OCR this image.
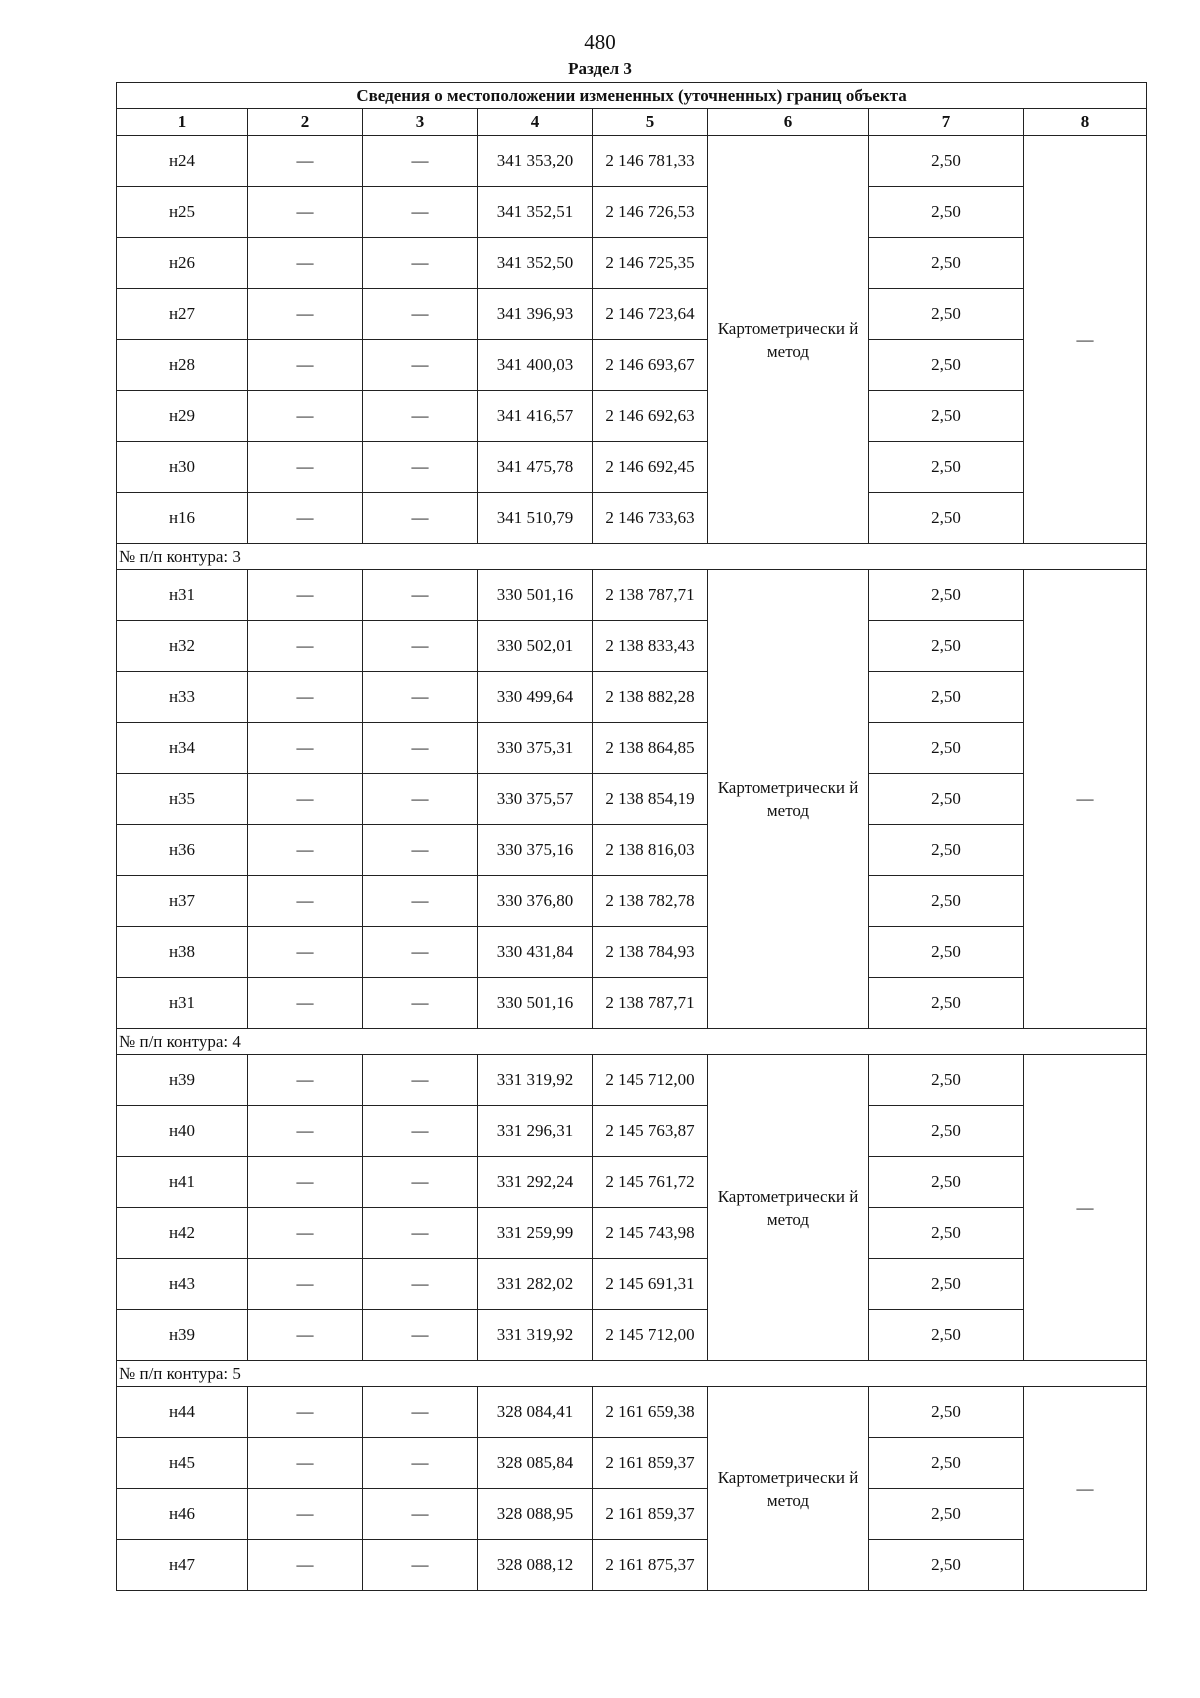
480
Раздел 3
Сведения о местоположении измененных (уточненных) границ объекта							
1	2	3	4	5	6	7	8
н24	—	—	341 353,20	2 146 781,33	Картометрически й метод	2,50	—
н25	—	—	341 352,51	2 146 726,53		2,50	
н26	—	—	341 352,50	2 146 725,35		2,50	
н27	—	—	341 396,93	2 146 723,64		2,50	
н28	—	—	341 400,03	2 146 693,67		2,50	
н29	—	—	341 416,57	2 146 692,63		2,50	
н30	—	—	341 475,78	2 146 692,45		2,50	
н16	—	—	341 510,79	2 146 733,63		2,50	
№ п/п контура: 3							
н31	—	—	330 501,16	2 138 787,71	Картометрически й метод	2,50	—
н32	—	—	330 502,01	2 138 833,43		2,50	
н33	—	—	330 499,64	2 138 882,28		2,50	
н34	—	—	330 375,31	2 138 864,85		2,50	
н35	—	—	330 375,57	2 138 854,19		2,50	
н36	—	—	330 375,16	2 138 816,03		2,50	
н37	—	—	330 376,80	2 138 782,78		2,50	
н38	—	—	330 431,84	2 138 784,93		2,50	
н31	—	—	330 501,16	2 138 787,71		2,50	
№ п/п контура: 4							
н39	—	—	331 319,92	2 145 712,00	Картометрически й метод	2,50	—
н40	—	—	331 296,31	2 145 763,87		2,50	
н41	—	—	331 292,24	2 145 761,72		2,50	
н42	—	—	331 259,99	2 145 743,98		2,50	
н43	—	—	331 282,02	2 145 691,31		2,50	
н39	—	—	331 319,92	2 145 712,00		2,50	
№ п/п контура: 5							
н44	—	—	328 084,41	2 161 659,38	Картометрически й метод	2,50	—
н45	—	—	328 085,84	2 161 859,37		2,50	
н46	—	—	328 088,95	2 161 859,37		2,50	
н47	—	—	328 088,12	2 161 875,37		2,50	
